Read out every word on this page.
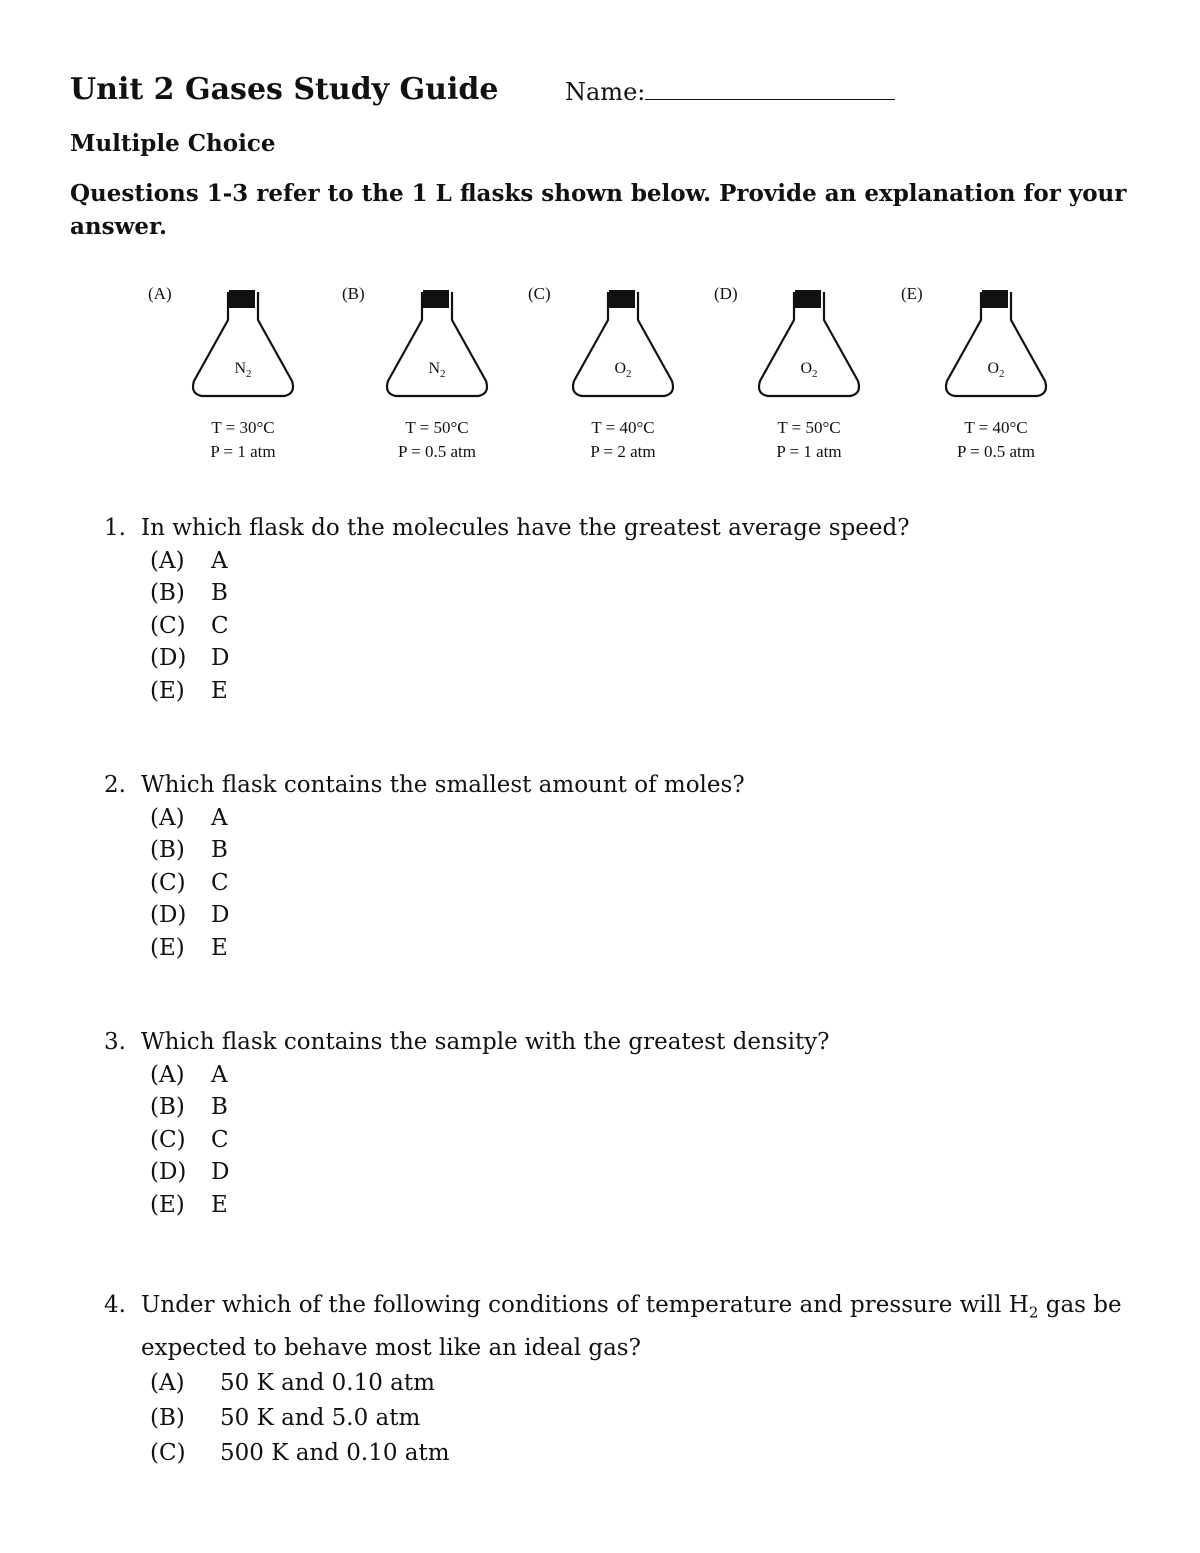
Unit 2 Gases Study Guide	Name:
Multiple Choice
Questions 1-3 refer to the 1 L flasks shown below. Provide an explanation for your answer.
(A)
$N_2$
T = 30°C
P = 1 atm
(B)
$N_2$
T = 50°C
P = 0.5 atm
(C)
$O_2$
T = 40°C
P = 2 atm
(D)
$O_2$
T = 50°C
P = 1 atm
(E)
$O_2$
T = 40°C
P = 0.5 atm
1. In which flask do the molecules have the greatest average speed?
(A)	A
(B)	B
(C)	C
(D)	D
(E)	E
2. Which flask contains the smallest amount of moles?
(A)	A
(B)	B
(C)	C
(D)	D
(E)	E
3. Which flask contains the sample with the greatest density?
(A)	A
(B)	B
(C)	C
(D)	D
(E)	E
4. Under which of the following conditions of temperature and pressure will $H_2$ gas be expected to behave most like an ideal gas?
(A)	50 K and 0.10 atm
(B)	50 K and 5.0 atm
(C)	500 K and 0.10 atm
